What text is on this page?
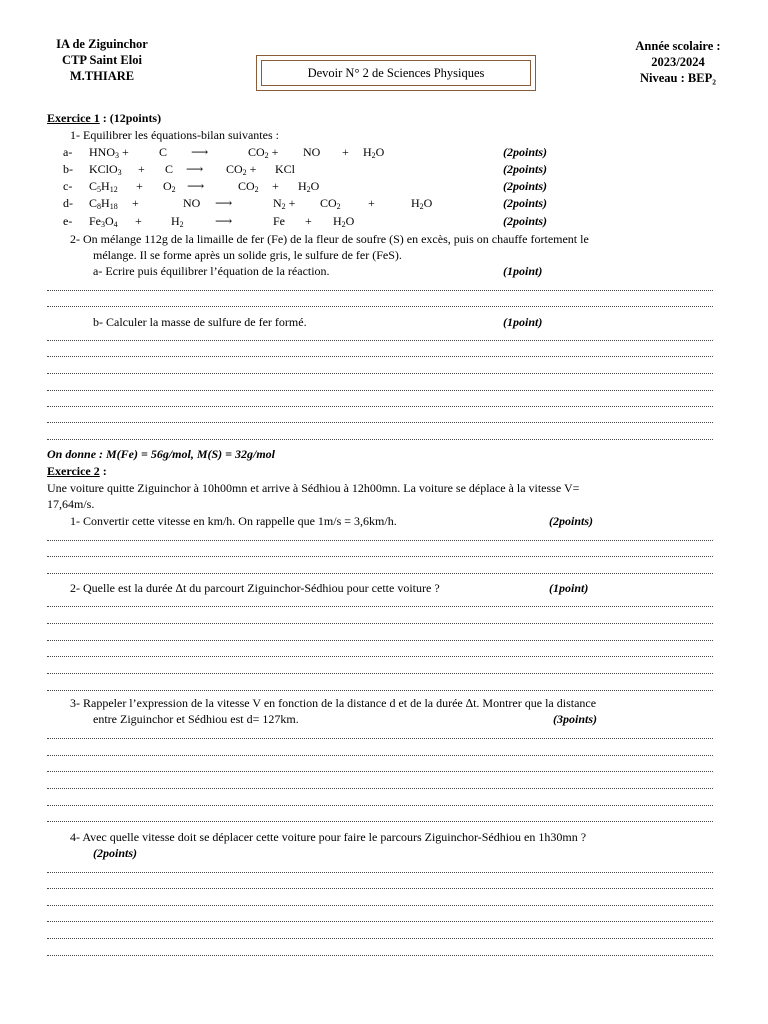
IA de Ziguinchor
CTP Saint Eloi
M.THIARE	Devoir N° 2 de Sciences Physiques
Année scolaire :
2023/2024
Niveau : BEP₂
Exercice 1 : (12points)
1- Equilibrer les équations-bilan suivantes :
a- $HNO_3$ +	C ⟶	$CO_2$ + NO + $H_2O$	(2points)
b- KClO$_3$ + C ⟶ $CO_2$ + KCl	(2points)
c- $C_5H_{12} + O_2$ ⟶	$CO_2 + H_2O$	(2points)
d- $C_8H_{18}$ +	NO ⟶	$N_2 + CO_2$ +	$H_2O$	(2points)
e- $Fe_3O_4 + H_2$	⟶	$Fe + H_2O$	(2points)
2- On mélange 112g de la limaille de fer (Fe) de la fleur de soufre (S) en excès, puis on chauffe fortement le
mélange. Il se forme après un solide gris, le sulfure de fer (FeS).
a- Ecrire puis équilibrer l’équation de la réaction.	(1point)
b- Calculer la masse de sulfure de fer formé.	(1point)
On donne : M(Fe) = 56g/mol, M(S) = 32g/mol
Exercice 2 :
Une voiture quitte Ziguinchor à 10h00mn et arrive à Sédhiou à 12h00mn. La voiture se déplace à la vitesse V=
17,64m/s.
1- Convertir cette vitesse en km/h. On rappelle que 1m/s = 3,6km/h.	(2points)
2- Quelle est la durée ∆t du parcourt Ziguinchor-Sédhiou pour cette voiture ?	(1point)
3- Rappeler l’expression de la vitesse V en fonction de la distance d et de la durée ∆t. Montrer que la distance
entre Ziguinchor et Sédhiou est d= 127km.	(3points)
4- Avec quelle vitesse doit se déplacer cette voiture pour faire le parcours Ziguinchor-Sédhiou en 1h30mn ?
(2points)
